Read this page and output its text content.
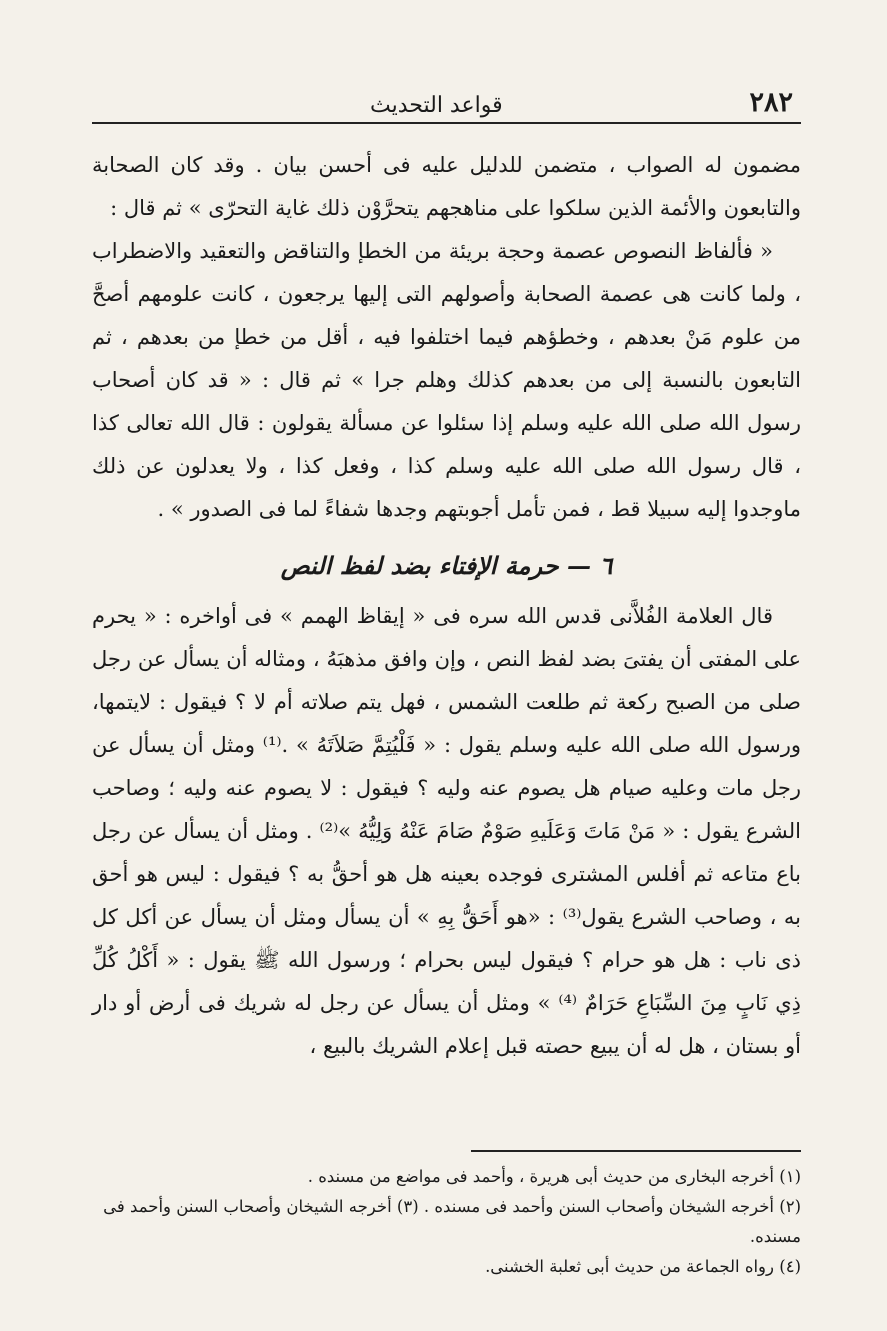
٢٨٢
قواعد التحديث

مضمون له الصواب ، متضمن للدليل عليه فى أحسن بيان . وقد كان الصحابة والتابعون والأئمة الذين سلكوا على مناهجهم يتحرَّوْن ذلك غاية التحرّى » ثم قال :

« فألفاظ النصوص عصمة وحجة بريئة من الخطإ والتناقض والتعقيد والاضطراب ، ولما كانت هى عصمة الصحابة وأصولهم التى إليها يرجعون ، كانت علومهم أصحَّ من علوم مَنْ بعدهم ، وخطؤهم فيما اختلفوا فيه ، أقل من خطإ من بعدهم ، ثم التابعون بالنسبة إلى من بعدهم كذلك وهلم جرا » ثم قال : « قد كان أصحاب رسول الله صلى الله عليه وسلم إذا سئلوا عن مسألة يقولون : قال الله تعالى كذا ، قال رسول الله صلى الله عليه وسلم كذا ، وفعل كذا ، ولا يعدلون عن ذلك ماوجدوا إليه سبيلا قط ، فمن تأمل أجوبتهم وجدها شفاءً لما فى الصدور » .

٦ — حرمة الإفتاء بضد لفظ النص

قال العلامة الفُلاَّنى قدس الله سره فى « إيقاظ الهمم » فى أواخره : « يحرم على المفتى أن يفتىَ بضد لفظ النص ، وإن وافق مذهبَهُ ، ومثاله أن يسأل عن رجل صلى من الصبح ركعة ثم طلعت الشمس ، فهل يتم صلاته أم لا ؟ فيقول : لايتمها، ورسول الله صلى الله عليه وسلم يقول : « فَلْيُتِمَّ صَلاَتَهُ » .⁽¹⁾ ومثل أن يسأل عن رجل مات وعليه صيام هل يصوم عنه وليه ؟ فيقول : لا يصوم عنه وليه ؛ وصاحب الشرع يقول : « مَنْ مَاتَ وَعَلَيهِ صَوْمٌ صَامَ عَنْهُ وَلِيُّهُ »⁽²⁾ . ومثل أن يسأل عن رجل باع متاعه ثم أفلس المشترى فوجده بعينه هل هو أحقُّ به ؟ فيقول : ليس هو أحق به ، وصاحب الشرع يقول⁽³⁾ : «هو أَحَقُّ بِهِ » أن يسأل ومثل أن يسأل عن أكل كل ذى ناب : هل هو حرام ؟ فيقول ليس بحرام ؛ ورسول الله ﷺ يقول : « أَكْلُ كُلِّ ذِي نَابٍ مِنَ السِّبَاعِ حَرَامٌ ⁽⁴⁾ » ومثل أن يسأل عن رجل له شريك فى أرض أو دار أو بستان ، هل له أن يبيع حصته قبل إعلام الشريك بالبيع ،

(١) أخرجه البخارى من حديث أبى هريرة ، وأحمد فى مواضع من مسنده .

(٢) أخرجه الشيخان وأصحاب السنن وأحمد فى مسنده . (٣) أخرجه الشيخان وأصحاب السنن وأحمد فى مسنده.

(٤) رواه الجماعة من حديث أبى ثعلبة الخشنى.
